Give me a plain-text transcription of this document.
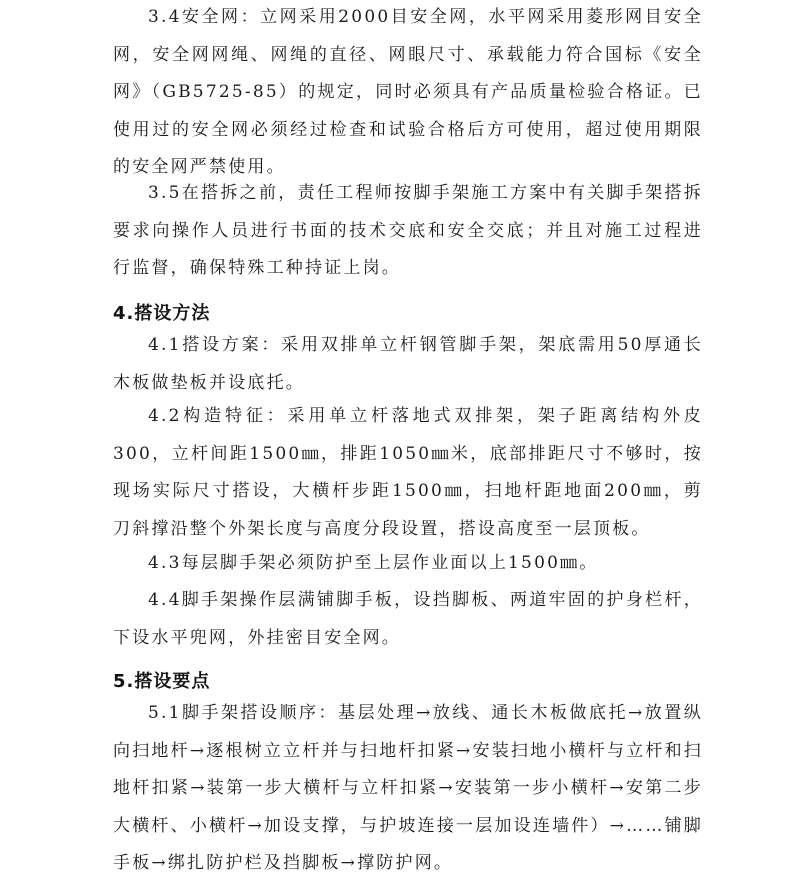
3.4安全网：立网采用2000目安全网，水平网采用菱形网目安全网，安全网网绳、网绳的直径、网眼尺寸、承载能力符合国标《安全网》（GB5725-85）的规定，同时必须具有产品质量检验合格证。已使用过的安全网必须经过检查和试验合格后方可使用，超过使用期限的安全网严禁使用。

3.5在搭拆之前，责任工程师按脚手架施工方案中有关脚手架搭拆要求向操作人员进行书面的技术交底和安全交底；并且对施工过程进行监督，确保特殊工种持证上岗。

4.搭设方法

4.1搭设方案：采用双排单立杆钢管脚手架，架底需用50厚通长木板做垫板并设底托。

4.2构造特征：采用单立杆落地式双排架，架子距离结构外皮300，立杆间距1500㎜，排距1050㎜米，底部排距尺寸不够时，按现场实际尺寸搭设，大横杆步距1500㎜，扫地杆距地面200㎜，剪刀斜撑沿整个外架长度与高度分段设置，搭设高度至一层顶板。

4.3每层脚手架必须防护至上层作业面以上1500㎜。

4.4脚手架操作层满铺脚手板，设挡脚板、两道牢固的护身栏杆，下设水平兜网，外挂密目安全网。

5.搭设要点

5.1脚手架搭设顺序：基层处理→放线、通长木板做底托→放置纵向扫地杆→逐根树立立杆并与扫地杆扣紧→安装扫地小横杆与立杆和扫地杆扣紧→装第一步大横杆与立杆扣紧→安装第一步小横杆→安第二步大横杆、小横杆→加设支撑，与护坡连接一层加设连墙件）→……铺脚手板→绑扎防护栏及挡脚板→撑防护网。
